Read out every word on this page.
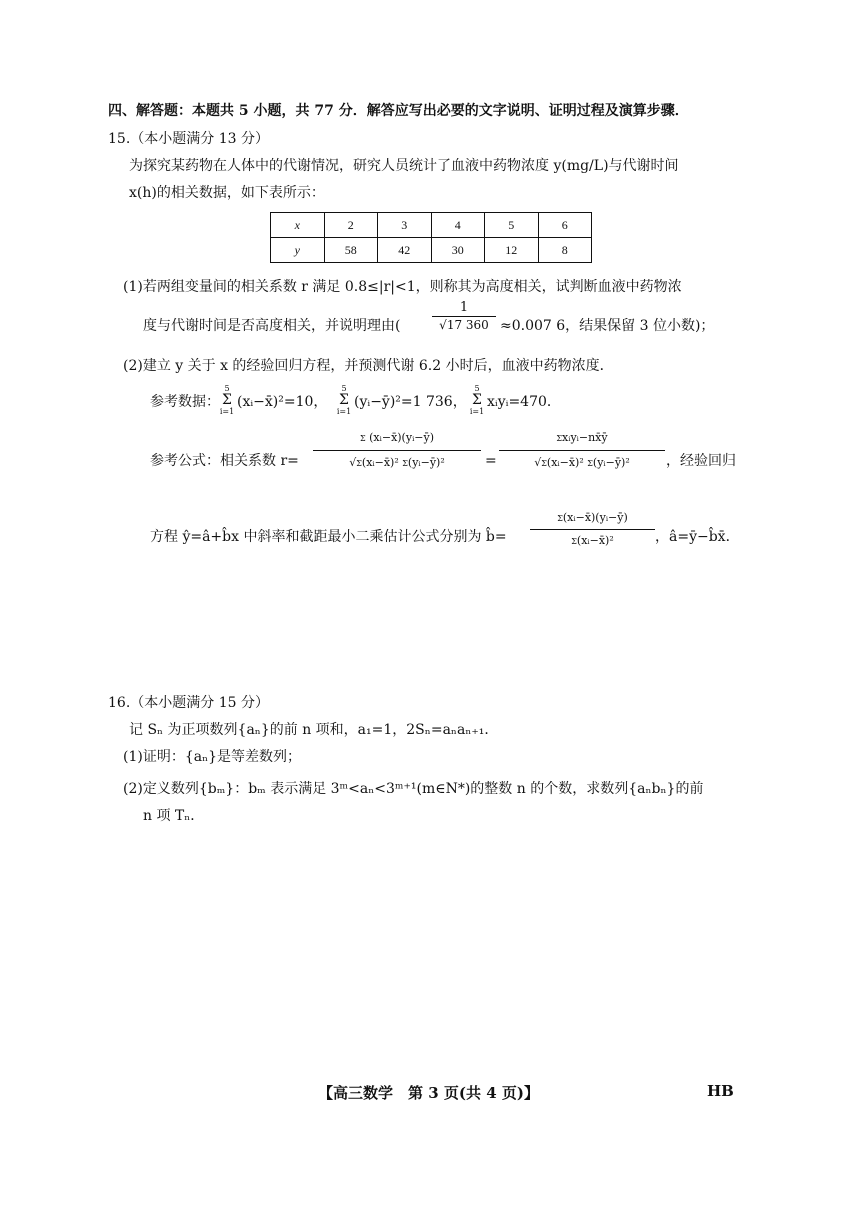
四、解答题：本题共 5 小题，共 77 分．解答应写出必要的文字说明、证明过程及演算步骤．
15.（本小题满分 13 分）
为探究某药物在人体中的代谢情况，研究人员统计了血液中药物浓度 y(mg/L)与代谢时间
x(h)的相关数据，如下表所示：
x	2	3	4	5	6
y	58	42	30	12	8
(1)若两组变量间的相关系数 r 满足 0.8≤|r|<1，则称其为高度相关，试判断血液中药物浓
度与代谢时间是否高度相关，并说明理由( $\frac{1}{√17 360} \approx 0.007$ 6，结果保留 3 位小数)；
(2)建立 y 关于 x 的经验回归方程，并预测代谢 6.2 小时后，血液中药物浓度．
参考数据：
5
Σ
i=1
(xᵢ−x̄)²=10，
5
Σ
i=1
(yᵢ−ȳ)²=1 736，
5
Σ
i=1
xᵢyᵢ=470．
参考公式：相关系数 $r= \frac{\text{Σ (xᵢ−x̄)(yᵢ−ȳ)}}{\text{√Σ(xᵢ−x̄)² Σ(yᵢ−ȳ)²}}$ =
Σxᵢyᵢ−nx̄ȳ
√Σ(xᵢ−x̄)² Σ(yᵢ−ȳ)²	，经验回归
方程 ŷ=â+b̂x 中斜率和截距最小二乘估计公式分别为 b̂=	$\frac{\text{Σ(xᵢ−x̄)(yᵢ−ȳ)}}{\text{Σ(xᵢ−x̄)²}}$ ，â=ȳ−b̂x̄．
16.（本小题满分 15 分）
记 Sₙ 为正项数列{aₙ}的前 n 项和，a₁=1，2Sₙ=aₙaₙ₊₁．
(1)证明：{aₙ}是等差数列；
(2)定义数列{bₘ}：bₘ 表示满足 3ᵐ<aₙ<3ᵐ⁺¹(m∈N*)的整数 n 的个数，求数列{aₙbₙ}的前
n 项 Tₙ．
【高三数学　第 3 页(共 4 页)】	HB
